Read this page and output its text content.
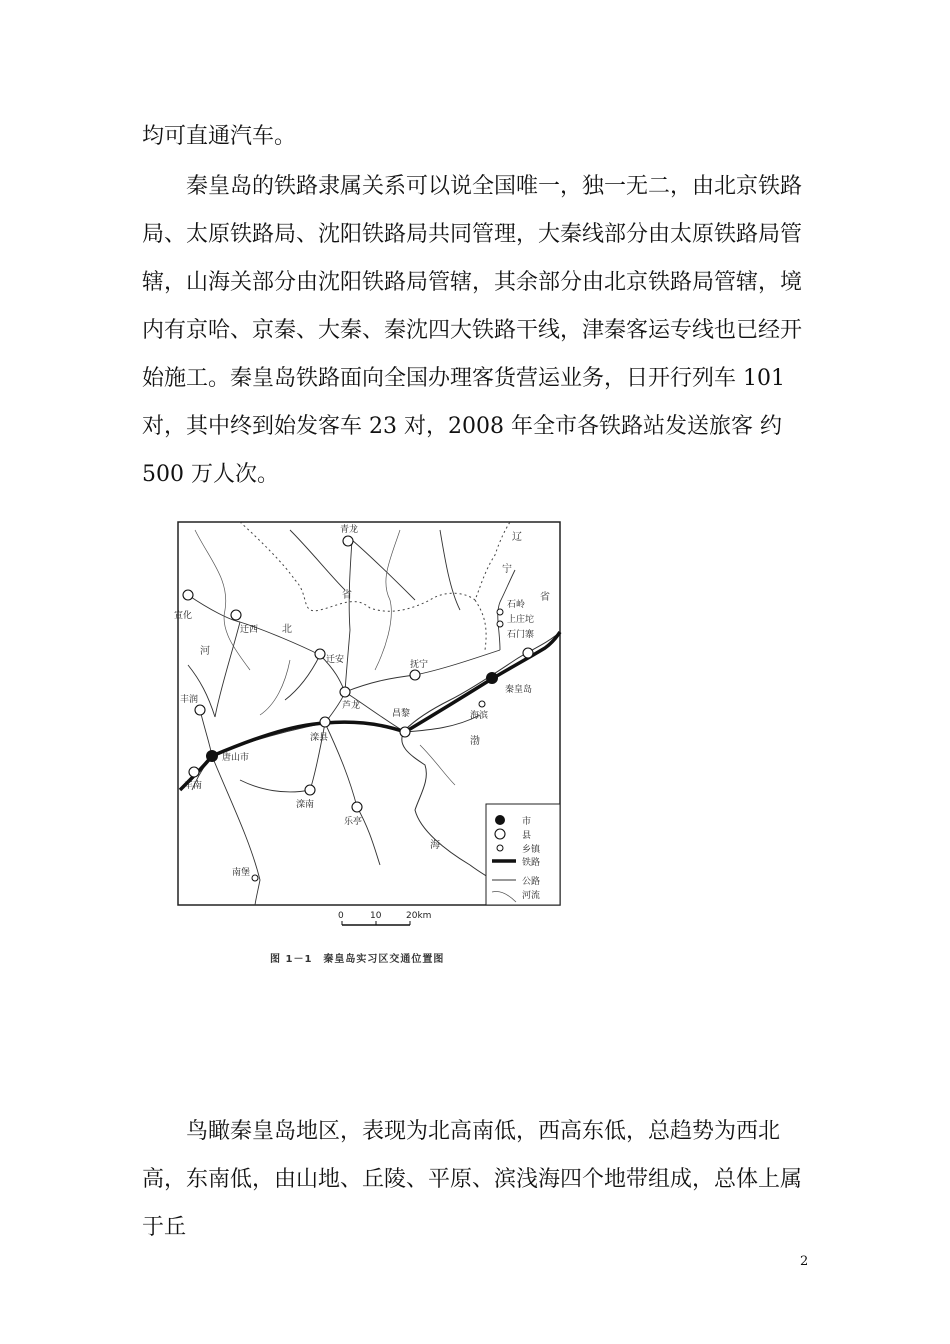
均可直通汽车。

秦皇岛的铁路隶属关系可以说全国唯一，独一无二，由北京铁路局、太原铁路局、沈阳铁路局共同管理，大秦线部分由太原铁路局管辖，山海关部分由沈阳铁路局管辖，其余部分由北京铁路局管辖，境内有京哈、京秦、大秦、秦沈四大铁路干线，津秦客运专线也已经开始施工。秦皇岛铁路面向全国办理客货营运业务，日开行列车 101 对，其中终到始发客车 23 对，2008 年全市各铁路站发送旅客 约 500 万人次。

青龙
宣化
迁西
迁安	抚宁
石岭
上庄坨
石门寨
秦皇岛
海滨
丰润
芦龙
昌黎
滦县
唐山市
丰南
滦南
乐亭
南堡
辽
宁
省
省
河
北
渤
海
市
县
乡镇
铁路
公路
河流
0	10	20km
图 1－1　秦皇岛实习区交通位置图

鸟瞰秦皇岛地区，表现为北高南低，西高东低，总趋势为西北高，东南低，由山地、丘陵、平原、滨浅海四个地带组成，总体上属于丘

2
